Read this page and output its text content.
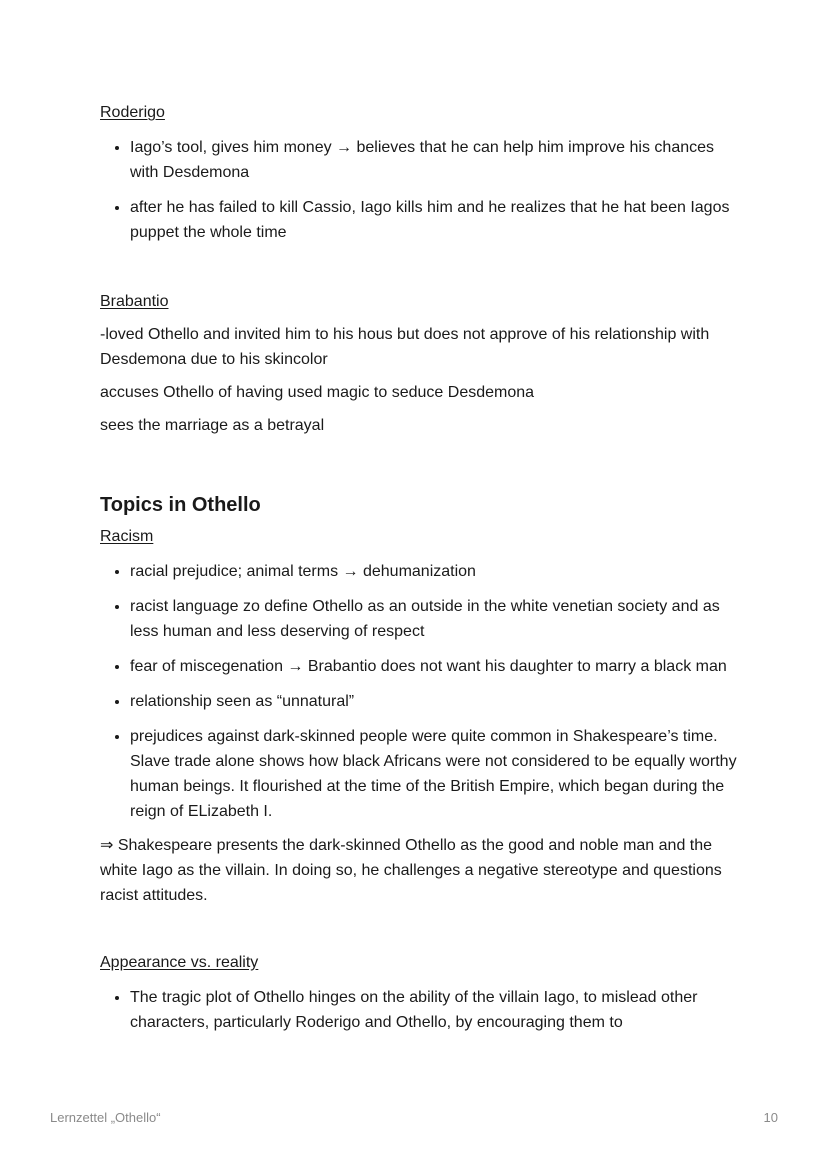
Roderigo

• Iago’s tool, gives him money → believes that he can help him improve his chances with Desdemona
• after he has failed to kill Cassio, Iago kills him and he realizes that he hat been Iagos puppet the whole time

Brabantio

-loved Othello and invited him to his hous but does not approve of his relationship with Desdemona due to his skincolor

accuses Othello of having used magic to seduce Desdemona

sees the marriage as a betrayal

Topics in Othello

Racism

• racial prejudice; animal terms → dehumanization
• racist language zo define Othello as an outside in the white venetian society and as less human and less deserving of respect
• fear of miscegenation → Brabantio does not want his daughter to marry a black man
• relationship seen as “unnatural”
• prejudices against dark-skinned people were quite common in Shakespeare’s time. Slave trade alone shows how black Africans were not considered to be equally worthy human beings. It flourished at the time of the British Empire, which began during the reign of ELizabeth I.

⇒ Shakespeare presents the dark-skinned Othello as the good and noble man and the white Iago as the villain. In doing so, he challenges a negative stereotype and questions racist attitudes.

Appearance vs. reality

• The tragic plot of Othello hinges on the ability of the villain Iago, to mislead other characters, particularly Roderigo and Othello, by encouraging them to
Lernzettel „Othello“	10
